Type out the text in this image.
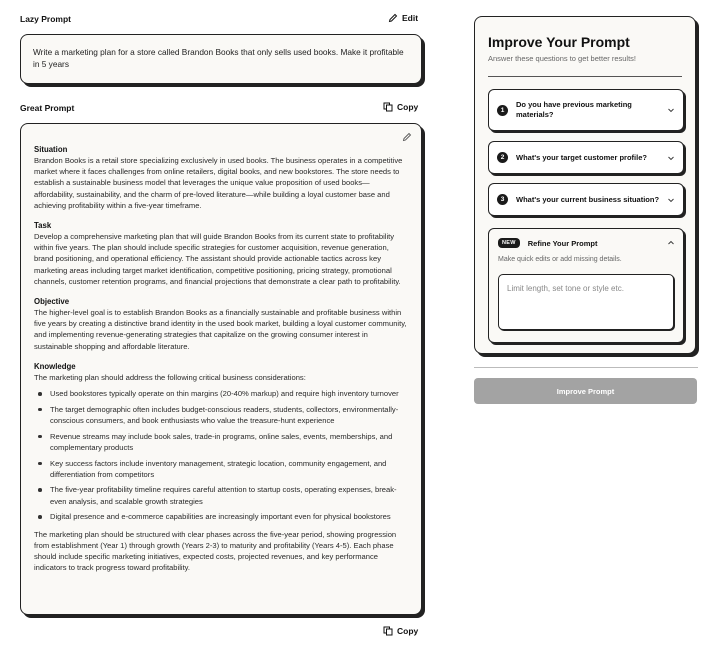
Lazy Prompt	Edit

Write a marketing plan for a store called Brandon Books that only sells used books. Make it profitable in 5 years

Great Prompt	Copy
Situation

Brandon Books is a retail store specializing exclusively in used books. The business operates in a competitive market where it faces challenges from online retailers, digital books, and new bookstores. The store needs to establish a sustainable business model that leverages the unique value proposition of used books—affordability, sustainability, and the charm of pre-loved literature—while building a loyal customer base and achieving profitability within a five-year timeframe.

Task

Develop a comprehensive marketing plan that will guide Brandon Books from its current state to profitability within five years. The plan should include specific strategies for customer acquisition, revenue generation, brand positioning, and operational efficiency. The assistant should provide actionable tactics across key marketing areas including target market identification, competitive positioning, pricing strategy, promotional channels, customer retention programs, and financial projections that demonstrate a clear path to profitability.

Objective

The higher-level goal is to establish Brandon Books as a financially sustainable and profitable business within five years by creating a distinctive brand identity in the used book market, building a loyal customer community, and implementing revenue-generating strategies that capitalize on the growing consumer interest in sustainable shopping and affordable literature.

Knowledge

The marketing plan should address the following critical business considerations:

Used bookstores typically operate on thin margins (20-40% markup) and require high inventory turnover
The target demographic often includes budget-conscious readers, students, collectors, environmentally-conscious consumers, and book enthusiasts who value the treasure-hunt experience
Revenue streams may include book sales, trade-in programs, online sales, events, memberships, and complementary products
Key success factors include inventory management, strategic location, community engagement, and differentiation from competitors
The five-year profitability timeline requires careful attention to startup costs, operating expenses, break-even analysis, and scalable growth strategies
Digital presence and e-commerce capabilities are increasingly important even for physical bookstores

The marketing plan should be structured with clear phases across the five-year period, showing progression from establishment (Year 1) through growth (Years 2-3) to maturity and profitability (Years 4-5). Each phase should include specific marketing initiatives, expected costs, projected revenues, and key performance indicators to track progress toward profitability.

Copy
Improve Your Prompt
Answer these questions to get better results!
1
Do you have previous marketing materials?
2	What's your target customer profile?
3	What's your current business situation?
NEW	Refine Your Prompt
Make quick edits or add missing details.
Limit length, set tone or style etc.
Improve Prompt
